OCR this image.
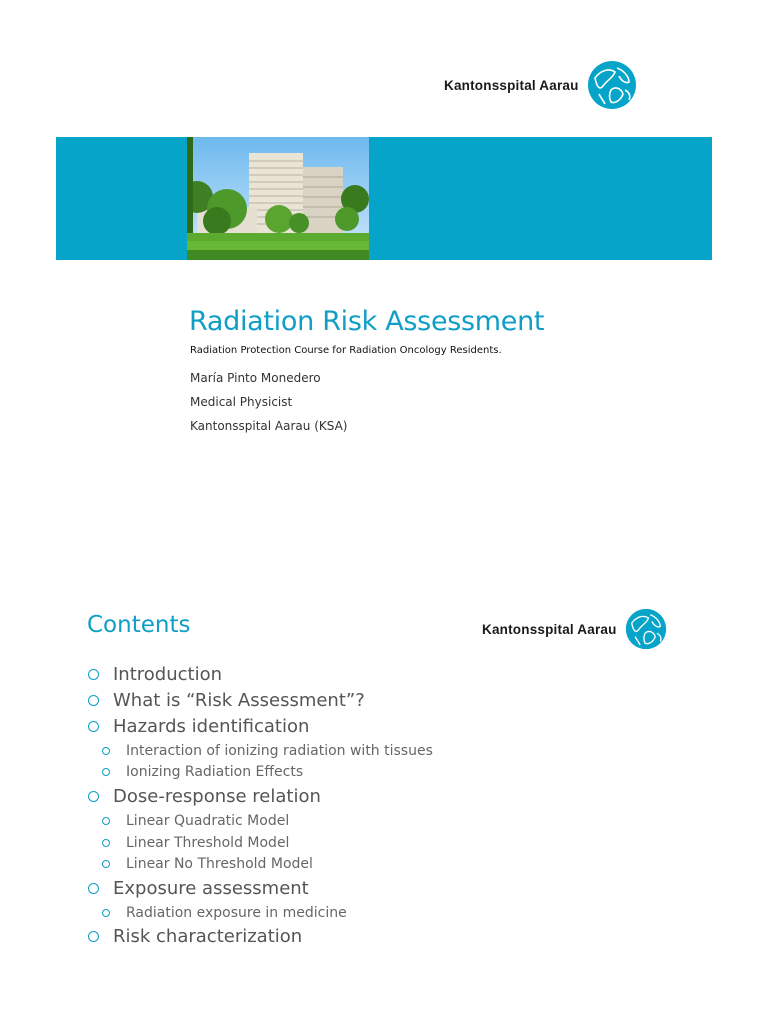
Kantonsspital Aarau
Radiation Risk Assessment
Radiation Protection Course for Radiation Oncology Residents.
María Pinto Monedero
Medical Physicist
Kantonsspital Aarau (KSA)
Contents	Kantonsspital Aarau
Introduction
What is “Risk Assessment”?
Hazards identification
Interaction of ionizing radiation with tissues
Ionizing Radiation Effects
Dose-response relation
Linear Quadratic Model
Linear Threshold Model
Linear No Threshold Model
Exposure assessment
Radiation exposure in medicine
Risk characterization
